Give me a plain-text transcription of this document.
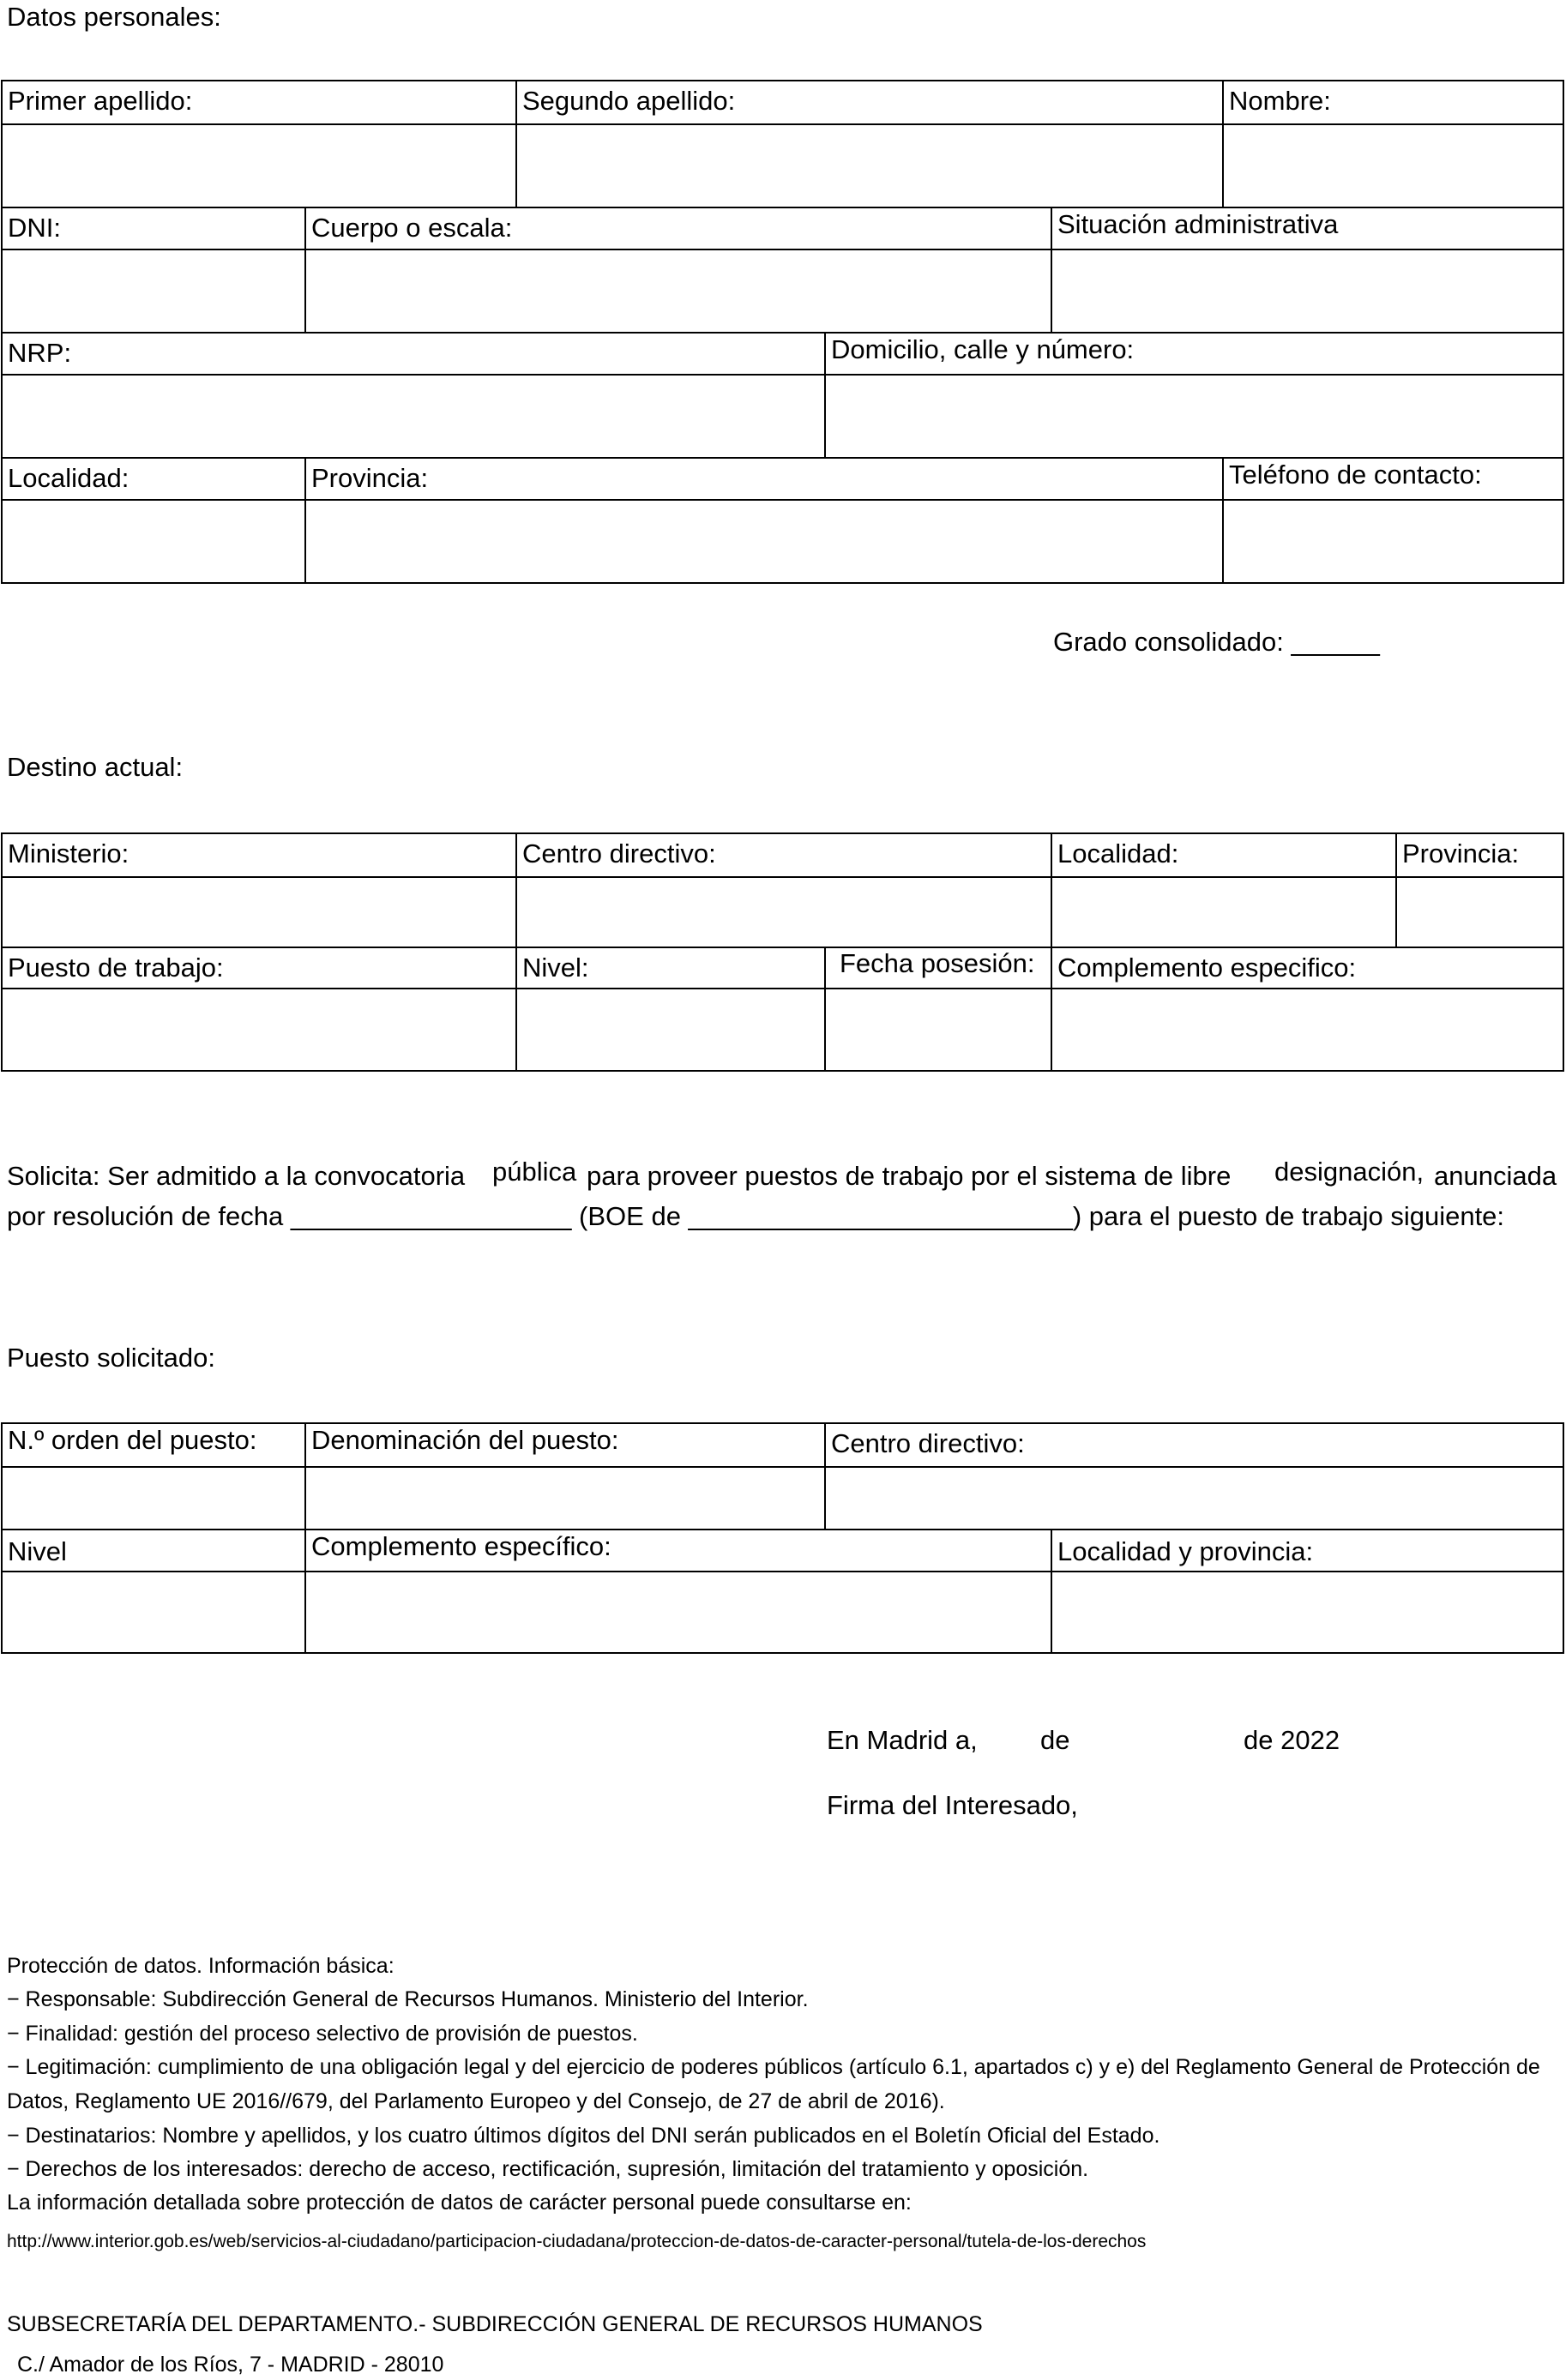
Datos personales:
Primer apellido:	Segundo apellido:	Nombre:
DNI:	Cuerpo o escala:	Situación administrativa
NRP:	Domicilio, calle y número:
Localidad:	Provincia:	Teléfono de contacto:
Grado consolidado: ______
Destino actual:
Ministerio:	Centro directivo:	Localidad:	Provincia:
Puesto de trabajo:	Nivel:	Fecha posesión: Complemento especifico:
Solicita: Ser admitido a la convocatoria pública para proveer puestos de trabajo por el sistema de libre designación, anunciada
por resolución de fecha ___________________ (BOE de __________________________) para el puesto de trabajo siguiente:
Puesto solicitado:
N.º orden del puesto: Denominación del puesto:	Centro directivo:
Nivel	Complemento específico:	Localidad y provincia:
En Madrid a, de	de 2022
Firma del Interesado,
Protección de datos. Información básica:
− Responsable: Subdirección General de Recursos Humanos. Ministerio del Interior.
− Finalidad: gestión del proceso selectivo de provisión de puestos.
− Legitimación: cumplimiento de una obligación legal y del ejercicio de poderes públicos (artículo 6.1, apartados c) y e) del Reglamento General de Protección de
Datos, Reglamento UE 2016//679, del Parlamento Europeo y del Consejo, de 27 de abril de 2016).
− Destinatarios: Nombre y apellidos, y los cuatro últimos dígitos del DNI serán publicados en el Boletín Oficial del Estado.
− Derechos de los interesados: derecho de acceso, rectificación, supresión, limitación del tratamiento y oposición.
La información detallada sobre protección de datos de carácter personal puede consultarse en:
http://www.interior.gob.es/web/servicios-al-ciudadano/participacion-ciudadana/proteccion-de-datos-de-caracter-personal/tutela-de-los-derechos
SUBSECRETARÍA DEL DEPARTAMENTO.- SUBDIRECCIÓN GENERAL DE RECURSOS HUMANOS
C./ Amador de los Ríos, 7 - MADRID - 28010
